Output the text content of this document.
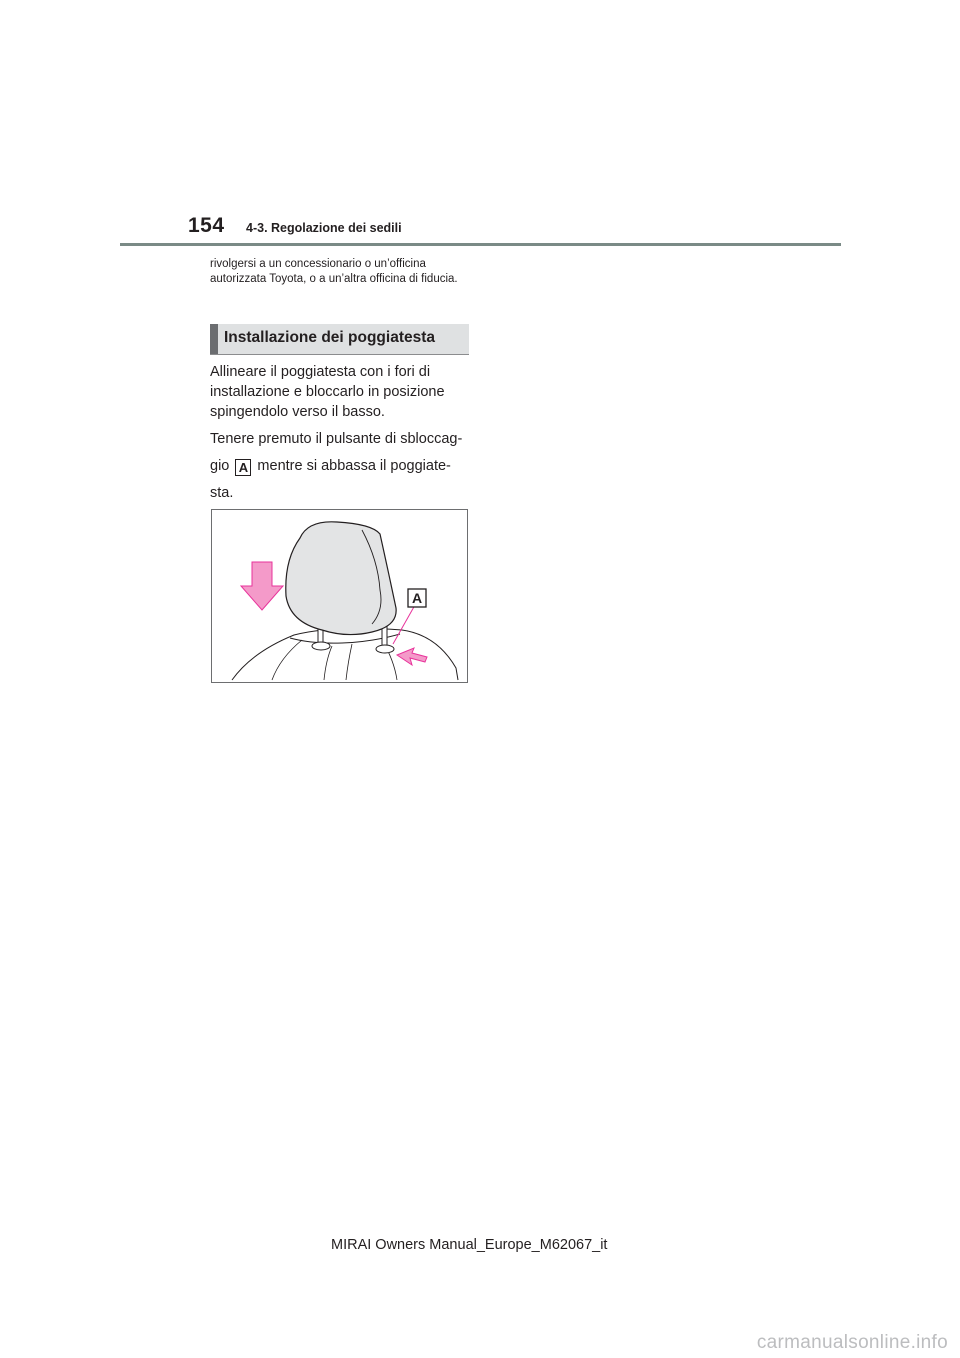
154 4-3. Regolazione dei sedili

rivolgersi a un concessionario o un’officina autorizzata Toyota, o a un’altra officina di fiducia.

Installazione dei poggiatesta

Allineare il poggiatesta con i fori di installazione e bloccarlo in posizione spingendolo verso il basso.

Tenere premuto il pulsante di sbloccag- gio A mentre si abbassa il poggiate- sta.

A
MIRAI Owners Manual_Europe_M62067_it
carmanualsonline.info
